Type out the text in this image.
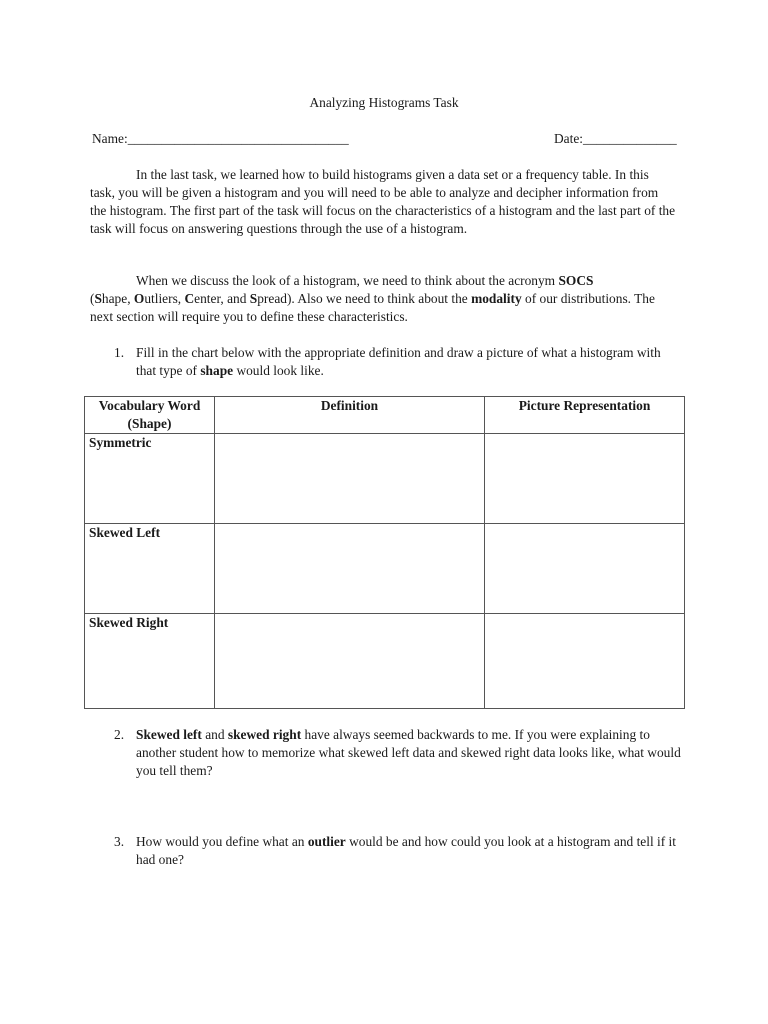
Analyzing Histograms Task
Name:_________________________________	Date:______________
In the last task, we learned how to build histograms given a data set or a frequency table. In this task, you will be given a histogram and you will need to be able to analyze and decipher information from the histogram. The first part of the task will focus on the characteristics of a histogram and the last part of the task will focus on answering questions through the use of a histogram.
When we discuss the look of a histogram, we need to think about the acronym SOCS
(Shape, Outliers, Center, and Spread). Also we need to think about the modality of our distributions. The next section will require you to define these characteristics.
1. Fill in the chart below with the appropriate definition and draw a picture of what a histogram with that type of shape would look like.
Vocabulary Word (Shape)	Definition	Picture Representation
Symmetric		
Skewed Left		
Skewed Right		
2. Skewed left and skewed right have always seemed backwards to me. If you were explaining to another student how to memorize what skewed left data and skewed right data looks like, what would you tell them?
3. How would you define what an outlier would be and how could you look at a histogram and tell if it had one?
